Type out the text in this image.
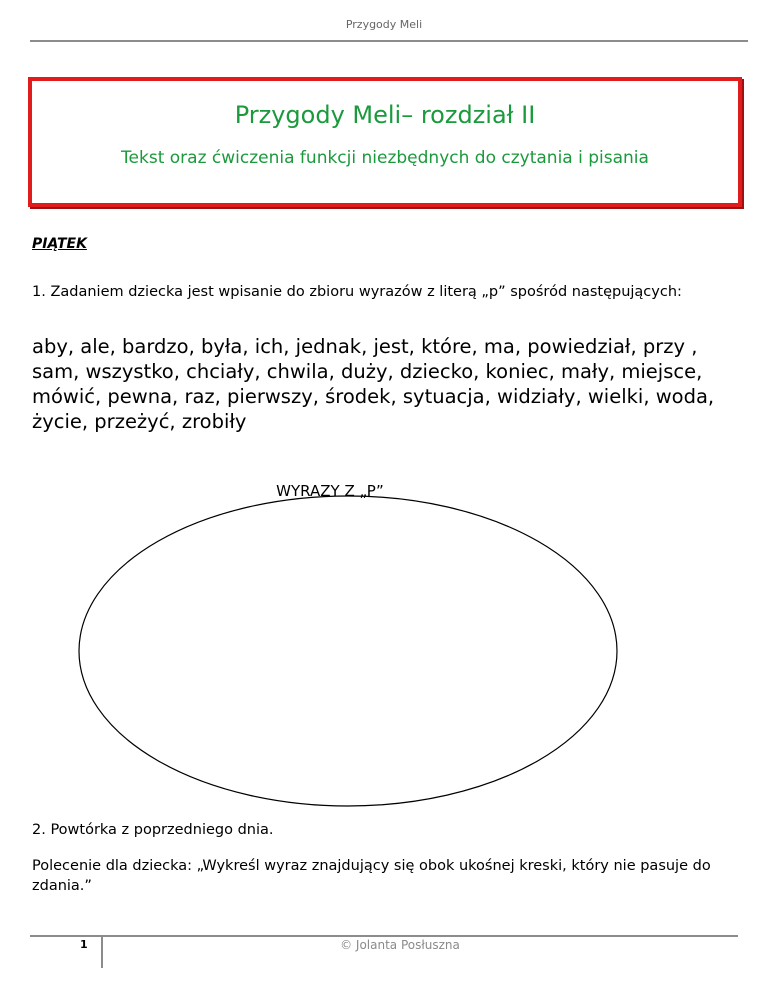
Przygody Meli
Przygody Meli– rozdział II
Tekst oraz ćwiczenia funkcji niezbędnych do czytania i pisania
PIĄTEK
1. Zadaniem dziecka jest wpisanie do zbioru wyrazów z literą „p” spośród następujących:
aby, ale, bardzo, była, ich, jednak, jest, które, ma, powiedział, przy , sam, wszystko, chciały, chwila, duży, dziecko, koniec, mały, miejsce, mówić, pewna, raz, pierwszy, środek, sytuacja, widziały, wielki, woda, życie, przeżyć, zrobiły
WYRAZY Z „P”
2. Powtórka z poprzedniego dnia.
Polecenie dla dziecka: „Wykreśl wyraz znajdujący się obok ukośnej kreski, który nie pasuje do zdania.”
1	© Jolanta Posłuszna
